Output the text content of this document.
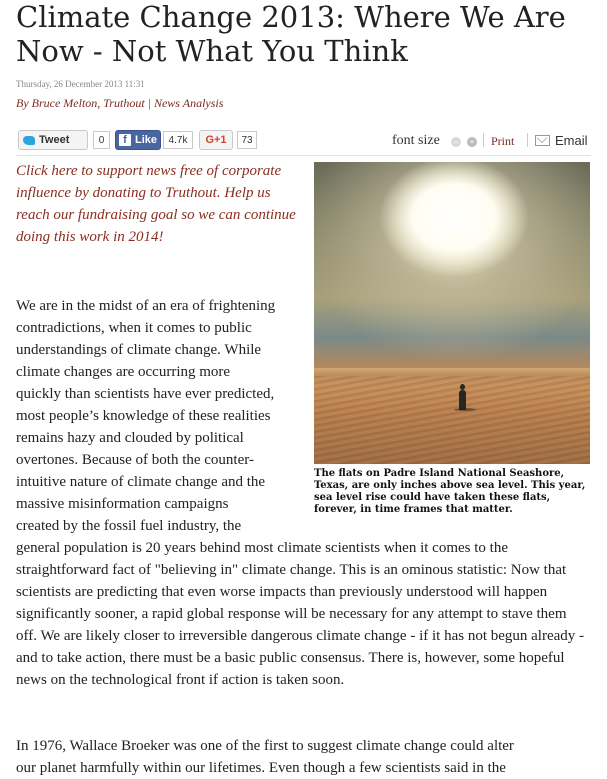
Climate Change 2013: Where We Are Now - Not What You Think
Thursday, 26 December 2013 11:31
By Bruce Melton, Truthout | News Analysis
Tweet	0	f Like	4.7k	G+1	73	font size − + Print	Email
Click here to support news free of corporate influence by donating to Truthout. Help us reach our fundraising goal so we can continue doing this work in 2014!
The flats on Padre Island National Seashore, Texas, are only inches above sea level. This year, sea level rise could have taken these flats, forever, in time frames that matter.
We are in the midst of an era of frightening
contradictions, when it comes to public
understandings of climate change. While
climate changes are occurring more
quickly than scientists have ever predicted,
most people’s knowledge of these realities
remains hazy and clouded by political
overtones. Because of both the counter-
intuitive nature of climate change and the
massive misinformation campaigns
created by the fossil fuel industry, the
general population is 20 years behind most climate scientists when it comes to the straightforward fact of "believing in" climate change. This is an ominous statistic: Now that scientists are predicting that even worse impacts than previously understood will happen significantly sooner, a rapid global response will be necessary for any attempt to stave them off. We are likely closer to irreversible dangerous climate change - if it has not begun already - and to take action, there must be a basic public consensus. There is, however, some hopeful news on the technological front if action is taken soon.
In 1976, Wallace Broeker was one of the first to suggest climate change could alter
our planet harmfully within our lifetimes. Even though a few scientists said in the
